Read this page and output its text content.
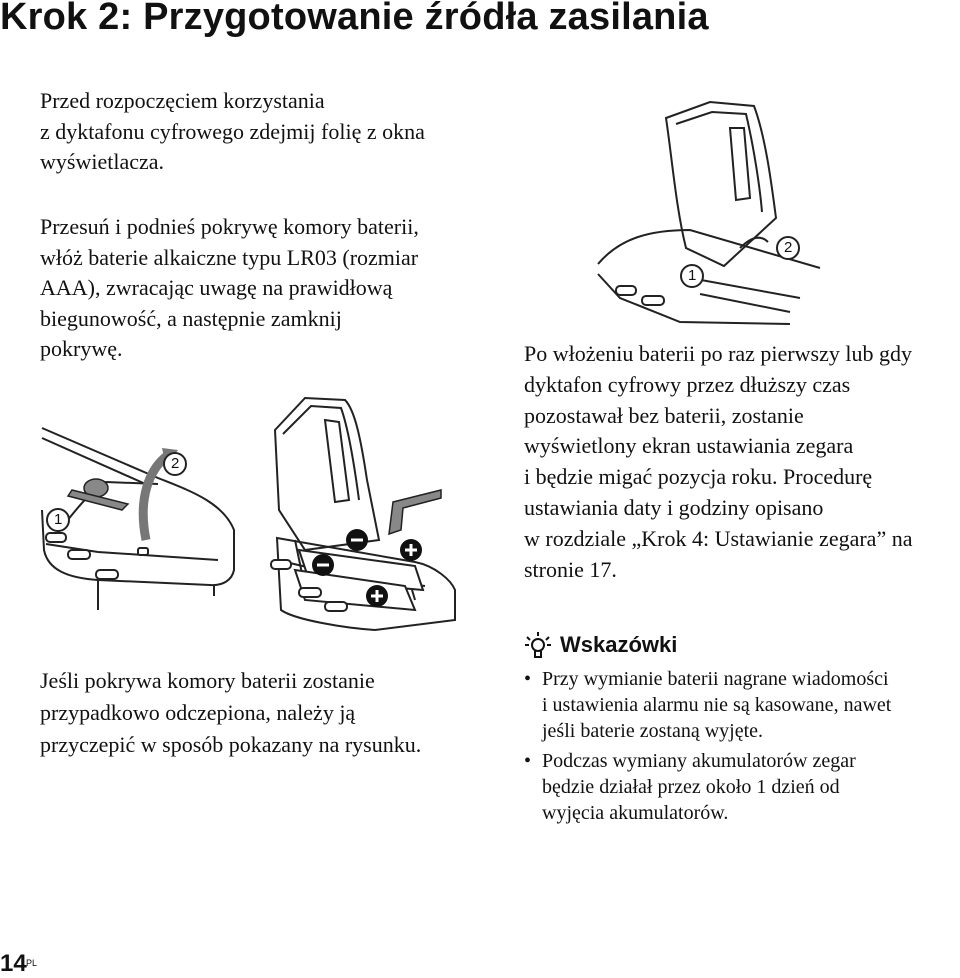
Krok 2: Przygotowanie źródła zasilania

Przed rozpoczęciem korzystania
z dyktafonu cyfrowego zdejmij folię z okna
wyświetlacza.

Przesuń i podnieś pokrywę komory baterii,
włóż baterie alkaiczne typu LR03 (rozmiar
AAA), zwracając uwagę na prawidłową
biegunowość, a następnie zamknij
pokrywę.	Po włożeniu baterii po raz pierwszy lub gdy
dyktafon cyfrowy przez dłuższy czas
pozostawał bez baterii, zostanie
wyświetlony ekran ustawiania zegara
i będzie migać pozycja roku. Procedurę
ustawiania daty i godziny opisano
w rozdziale „Krok 4: Ustawianie zegara” na
stronie 17.

Jeśli pokrywa komory baterii zostanie
przypadkowo odczepiona, należy ją
przyczepić w sposób pokazany na rysunku.

1
2
1
2
Wskazówki
• Przy wymianie baterii nagrane wiadomości
i ustawienia alarmu nie są kasowane, nawet
jeśli baterie zostaną wyjęte.
• Podczas wymiany akumulatorów zegar
będzie działał przez około 1 dzień od
wyjęcia akumulatorów.
14 PL
